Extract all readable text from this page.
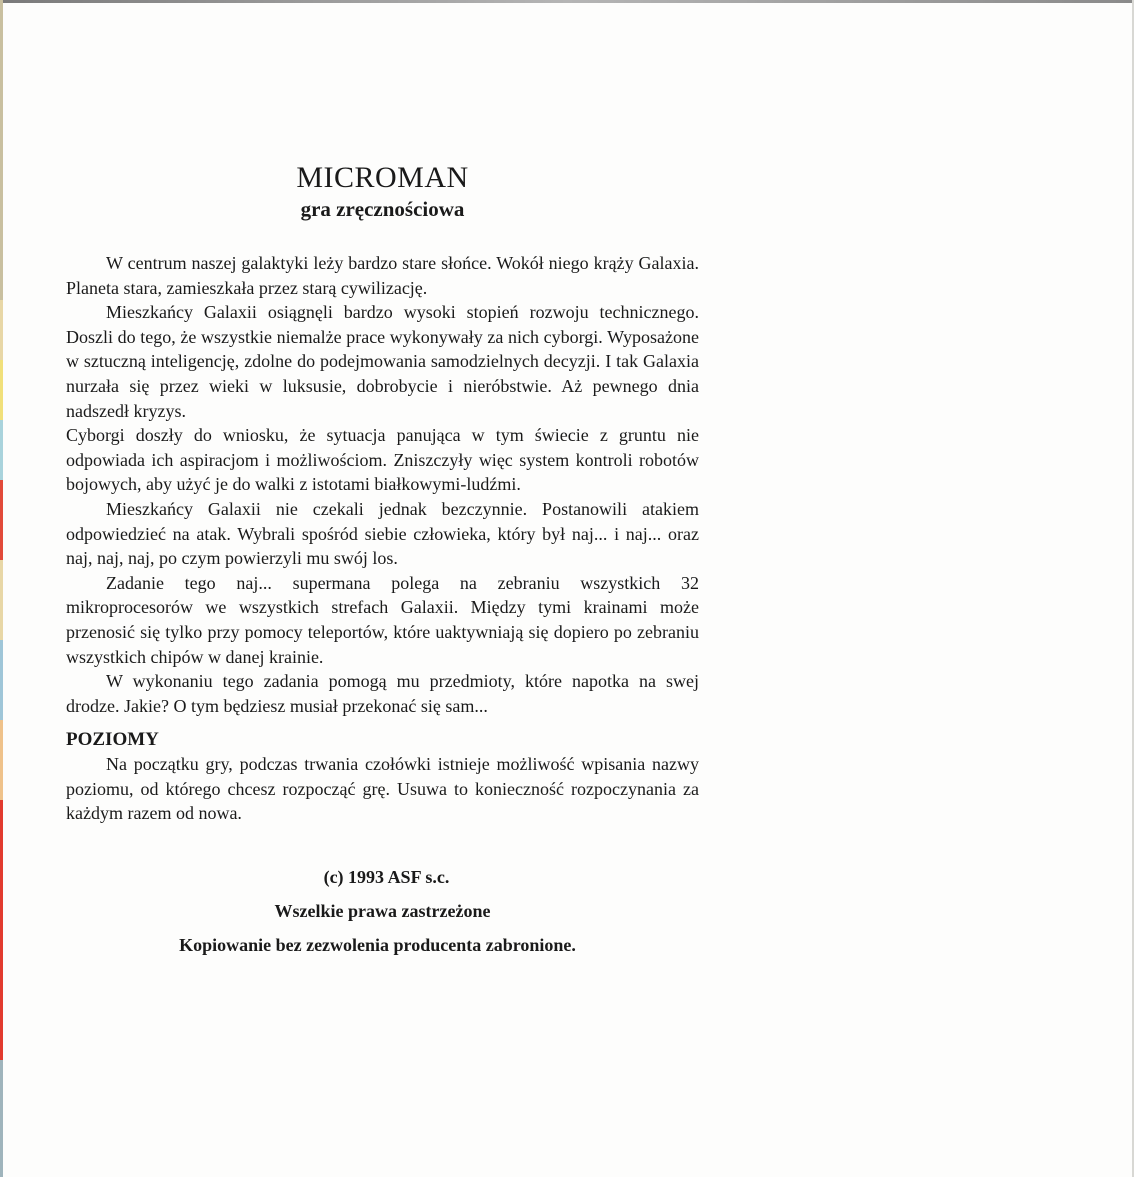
MICROMAN
gra zręcznościowa

W centrum naszej galaktyki leży bardzo stare słońce. Wokół niego krąży Galaxia. Planeta stara, zamieszkała przez starą cywilizację.

Mieszkańcy Galaxii osiągnęli bardzo wysoki stopień rozwoju technicznego. Doszli do tego, że wszystkie niemalże prace wykonywały za nich cyborgi. Wyposażone w sztuczną inteligencję, zdolne do podejmowania samodzielnych decyzji. I tak Galaxia nurzała się przez wieki w luksusie, dobrobycie i nieróbstwie. Aż pewnego dnia nadszedł kryzys.

Cyborgi doszły do wniosku, że sytuacja panująca w tym świecie z gruntu nie odpowiada ich aspiracjom i możliwościom. Zniszczyły więc system kontroli robotów bojowych, aby użyć je do walki z istotami białkowymi-ludźmi.

Mieszkańcy Galaxii nie czekali jednak bezczynnie. Postanowili atakiem odpowiedzieć na atak. Wybrali spośród siebie człowieka, który był naj... i naj... oraz naj, naj, naj, po czym powierzyli mu swój los.

Zadanie tego naj... supermana polega na zebraniu wszystkich 32 mikroprocesorów we wszystkich strefach Galaxii. Między tymi krainami może przenosić się tylko przy pomocy teleportów, które uaktywniają się dopiero po zebraniu wszystkich chipów w danej krainie.

W wykonaniu tego zadania pomogą mu przedmioty, które napotka na swej drodze. Jakie? O tym będziesz musiał przekonać się sam...

POZIOMY

Na początku gry, podczas trwania czołówki istnieje możliwość wpisania nazwy poziomu, od którego chcesz rozpocząć grę. Usuwa to konieczność rozpoczynania za każdym razem od nowa.

(c) 1993 ASF s.c.
Wszelkie prawa zastrzeżone
Kopiowanie bez zezwolenia producenta zabronione.
